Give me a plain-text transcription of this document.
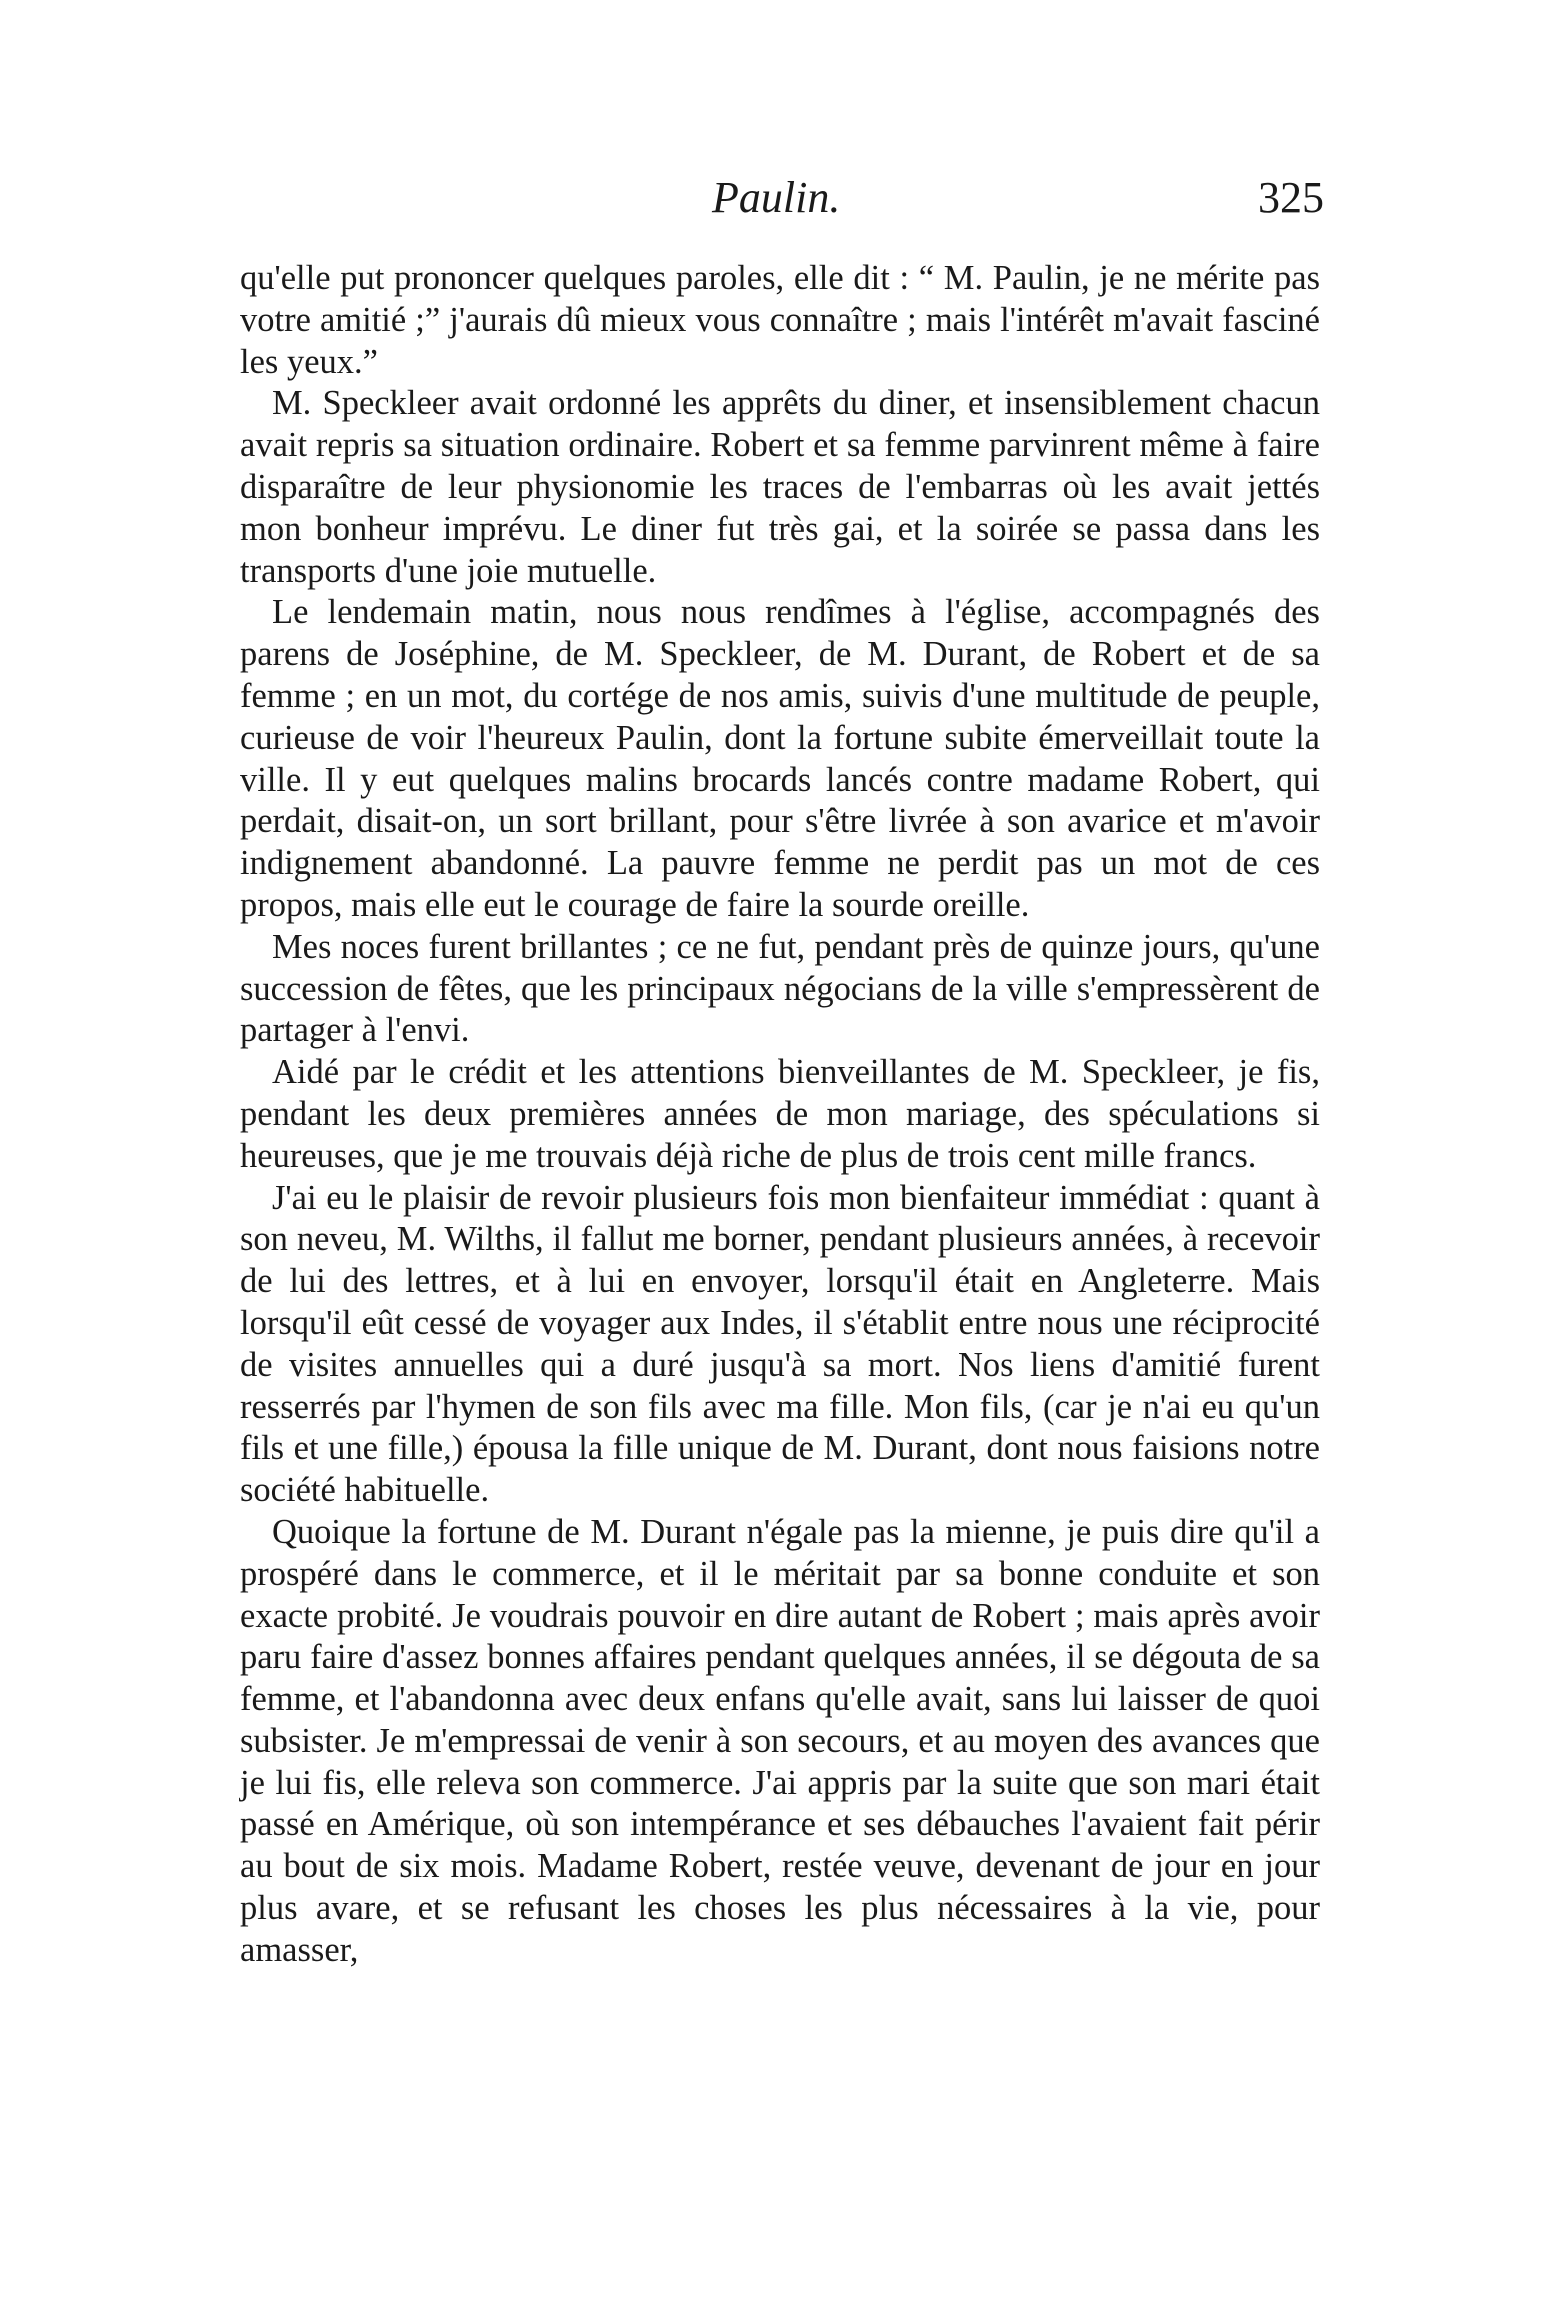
Paulin.	325

qu'elle put prononcer quelques paroles, elle dit : “ M. Paulin, je ne mérite pas votre amitié ;” j'aurais dû mieux vous connaître ; mais l'intérêt m'avait fasciné les yeux.”

M. Speckleer avait ordonné les apprêts du diner, et insensiblement chacun avait repris sa situation ordinaire. Robert et sa femme parvinrent même à faire disparaître de leur physionomie les traces de l'embarras où les avait jettés mon bonheur imprévu. Le diner fut très gai, et la soirée se passa dans les transports d'une joie mutuelle.

Le lendemain matin, nous nous rendîmes à l'église, accompagnés des parens de Joséphine, de M. Speckleer, de M. Durant, de Robert et de sa femme ; en un mot, du cortége de nos amis, suivis d'une multitude de peuple, curieuse de voir l'heureux Paulin, dont la fortune subite émerveillait toute la ville. Il y eut quelques malins brocards lancés contre madame Robert, qui perdait, disait-on, un sort brillant, pour s'être livrée à son avarice et m'avoir indignement abandonné. La pauvre femme ne perdit pas un mot de ces propos, mais elle eut le courage de faire la sourde oreille.

Mes noces furent brillantes ; ce ne fut, pendant près de quinze jours, qu'une succession de fêtes, que les principaux négocians de la ville s'empressèrent de partager à l'envi.

Aidé par le crédit et les attentions bienveillantes de M. Speckleer, je fis, pendant les deux premières années de mon mariage, des spéculations si heureuses, que je me trouvais déjà riche de plus de trois cent mille francs.

J'ai eu le plaisir de revoir plusieurs fois mon bienfaiteur immédiat : quant à son neveu, M. Wilths, il fallut me borner, pendant plusieurs années, à recevoir de lui des lettres, et à lui en envoyer, lorsqu'il était en Angleterre. Mais lorsqu'il eût cessé de voyager aux Indes, il s'établit entre nous une réciprocité de visites annuelles qui a duré jusqu'à sa mort. Nos liens d'amitié furent resserrés par l'hymen de son fils avec ma fille. Mon fils, (car je n'ai eu qu'un fils et une fille,) épousa la fille unique de M. Durant, dont nous faisions notre société habituelle.

Quoique la fortune de M. Durant n'égale pas la mienne, je puis dire qu'il a prospéré dans le commerce, et il le méritait par sa bonne conduite et son exacte probité. Je voudrais pouvoir en dire autant de Robert ; mais après avoir paru faire d'assez bonnes affaires pendant quelques années, il se dégouta de sa femme, et l'abandonna avec deux enfans qu'elle avait, sans lui laisser de quoi subsister. Je m'empressai de venir à son secours, et au moyen des avances que je lui fis, elle releva son commerce. J'ai appris par la suite que son mari était passé en Amérique, où son intempérance et ses débauches l'avaient fait périr au bout de six mois. Madame Robert, restée veuve, devenant de jour en jour plus avare, et se refusant les choses les plus nécessaires à la vie, pour amasser,
